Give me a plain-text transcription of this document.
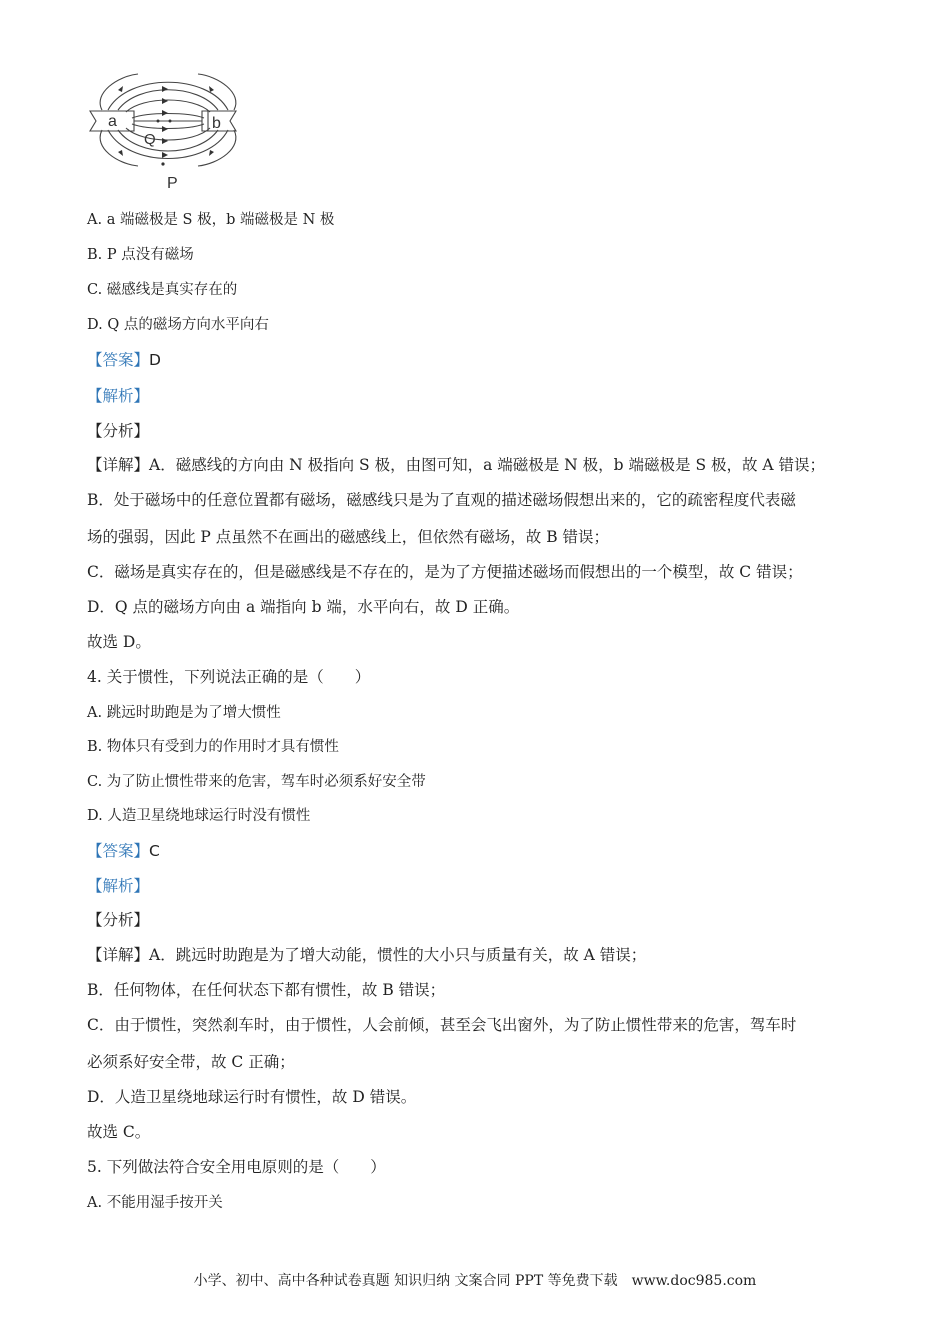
a	b
Q
P
A. a 端磁极是 S 极，b 端磁极是 N 极
B. P 点没有磁场
C. 磁感线是真实存在的
D. Q 点的磁场方向水平向右
【答案】D
【解析】
【分析】
【详解】A．磁感线的方向由 N 极指向 S 极，由图可知，a 端磁极是 N 极，b 端磁极是 S 极，故 A 错误；
B．处于磁场中的任意位置都有磁场，磁感线只是为了直观的描述磁场假想出来的，它的疏密程度代表磁
场的强弱，因此 P 点虽然不在画出的磁感线上，但依然有磁场，故 B 错误；
C．磁场是真实存在的，但是磁感线是不存在的，是为了方便描述磁场而假想出的一个模型，故 C 错误；
D．Q 点的磁场方向由 a 端指向 b 端，水平向右，故 D 正确。
故选 D。
4. 关于惯性，下列说法正确的是（　　）
A. 跳远时助跑是为了增大惯性
B. 物体只有受到力的作用时才具有惯性
C. 为了防止惯性带来的危害，驾车时必须系好安全带
D. 人造卫星绕地球运行时没有惯性
【答案】C
【解析】
【分析】
【详解】A．跳远时助跑是为了增大动能，惯性的大小只与质量有关，故 A 错误；
B．任何物体，在任何状态下都有惯性，故 B 错误；
C．由于惯性，突然刹车时，由于惯性，人会前倾，甚至会飞出窗外，为了防止惯性带来的危害，驾车时
必须系好安全带，故 C 正确；
D．人造卫星绕地球运行时有惯性，故 D 错误。
故选 C。
5. 下列做法符合安全用电原则的是（　　）
A. 不能用湿手按开关
小学、初中、高中各种试卷真题 知识归纳 文案合同 PPT 等免费下载　www.doc985.com
